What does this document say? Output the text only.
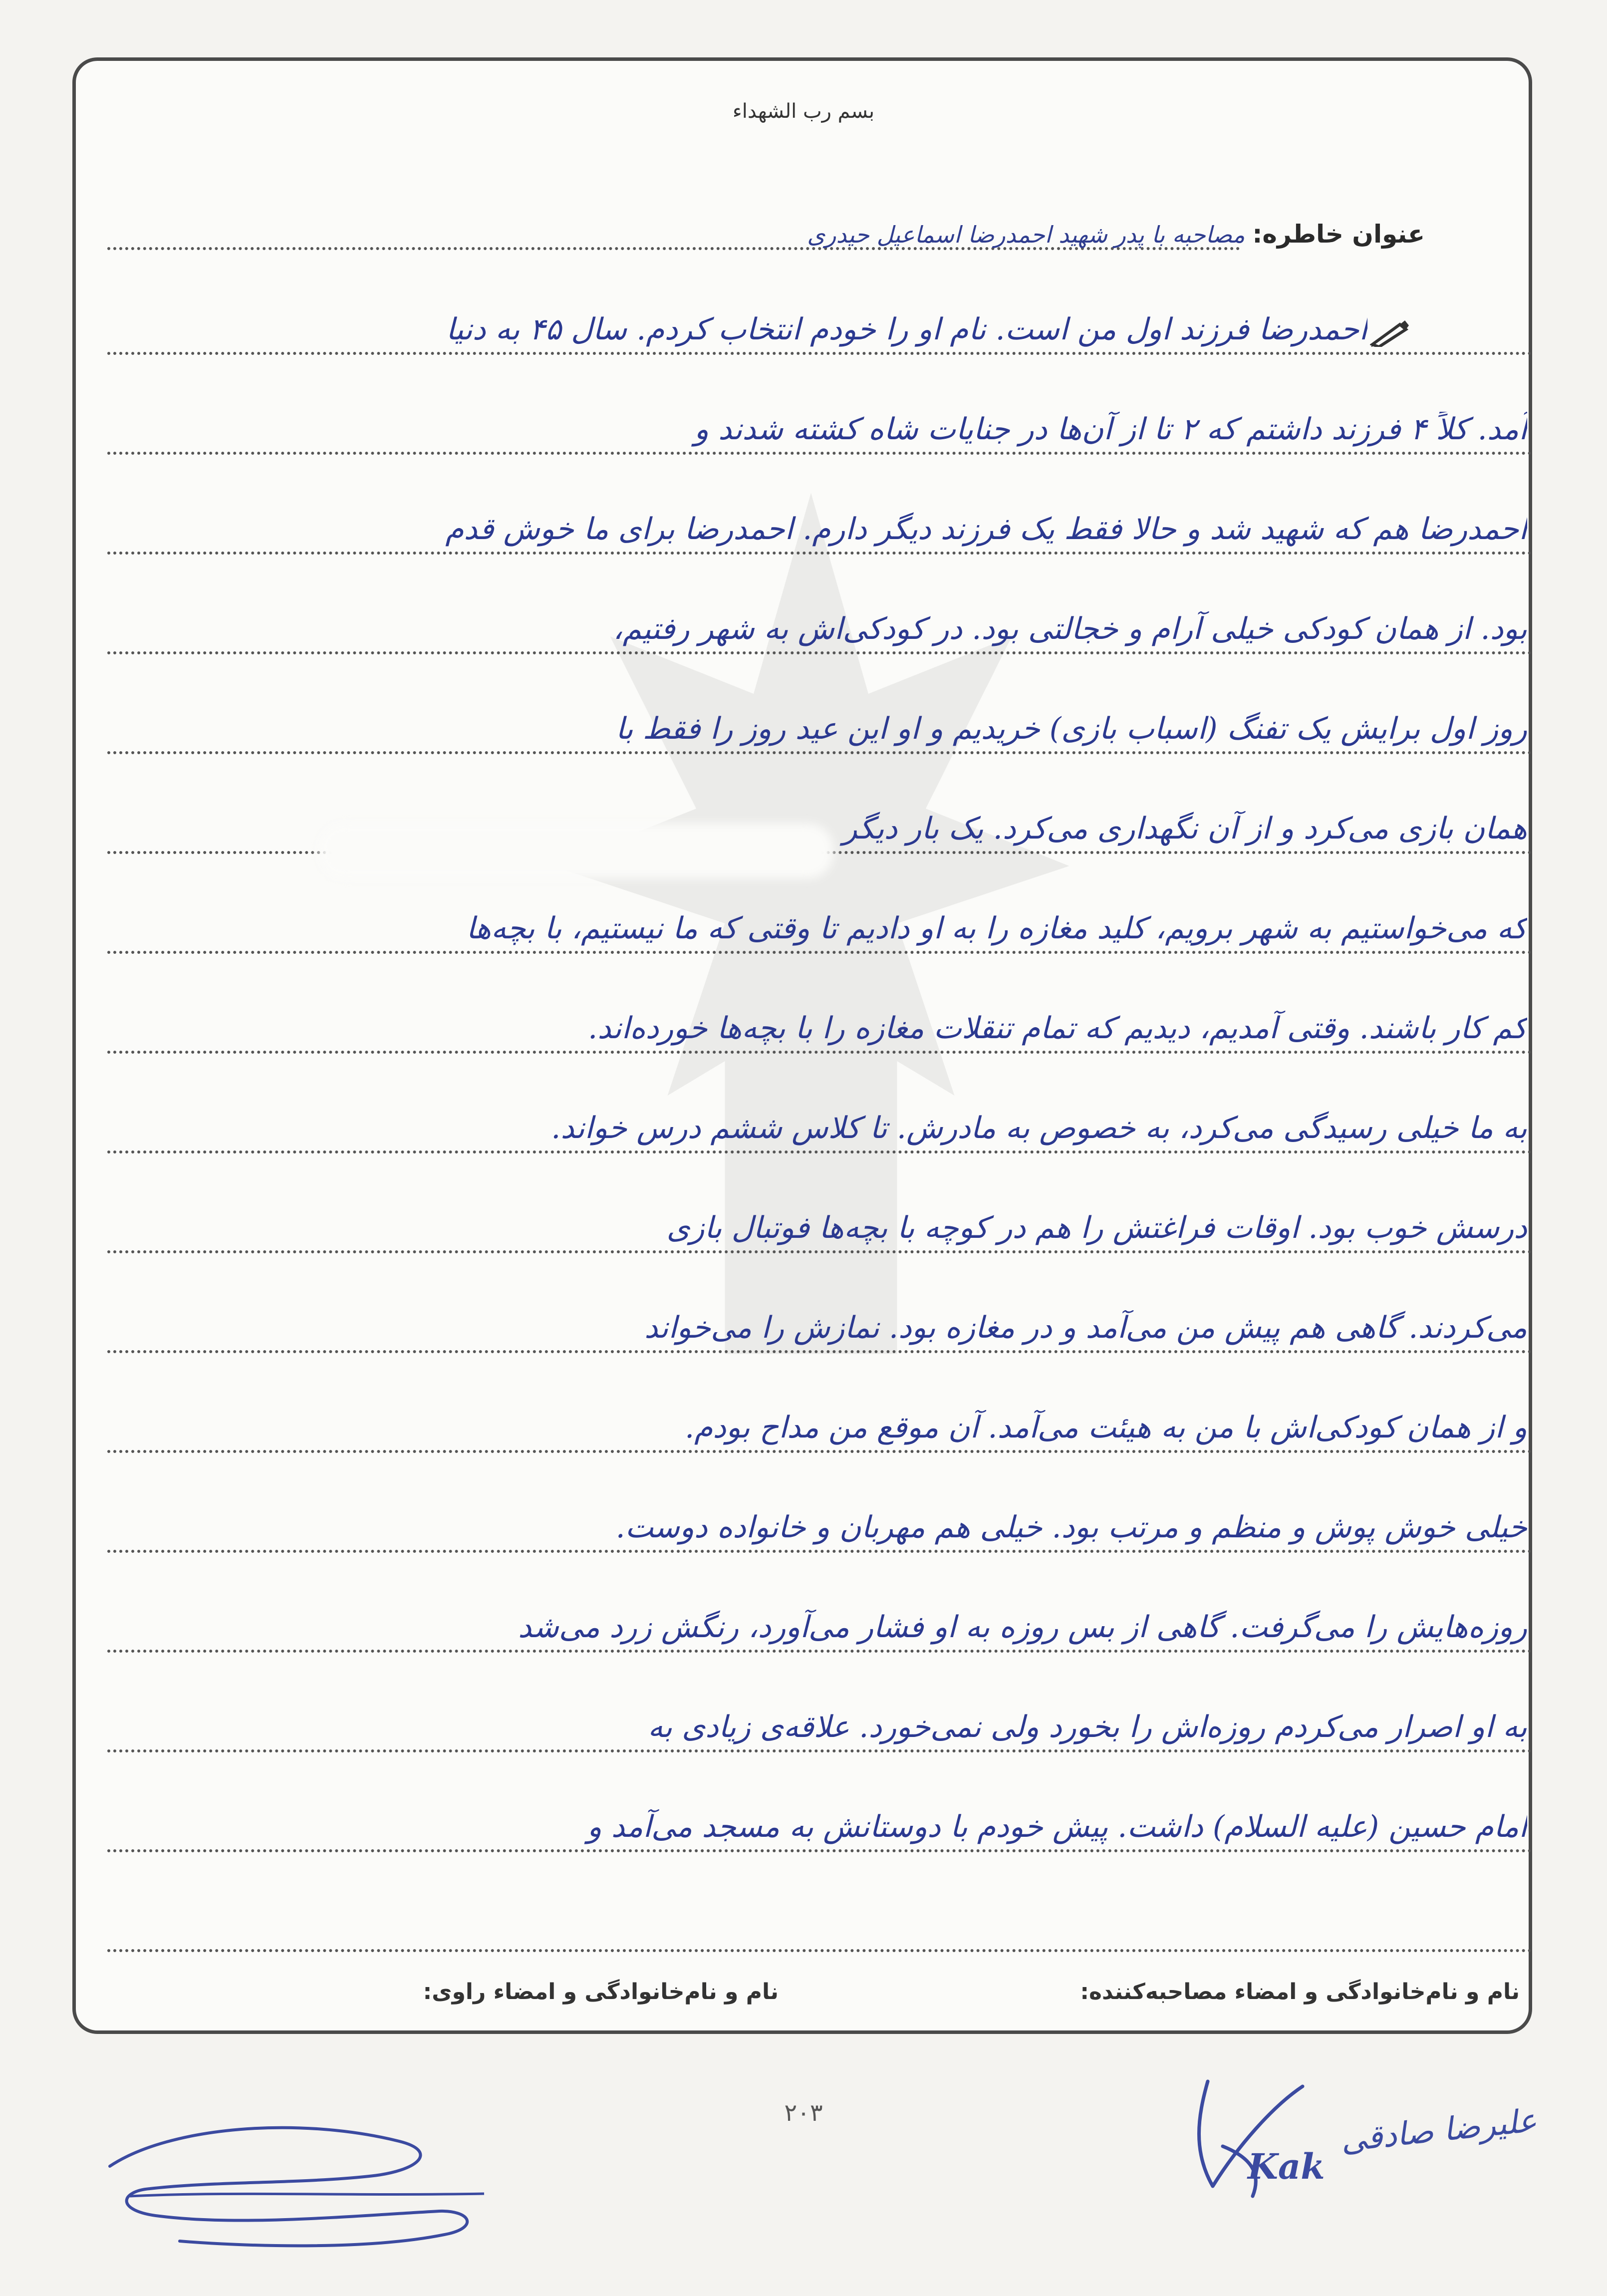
بسم رب الشهداء
عنوان خاطره:
مصاحبه با پدر شهید احمدرضا اسماعیل حیدری
احمدرضا فرزند اول من است. نام او را خودم انتخاب کردم. سال ۴۵ به دنیا
آمد. کلاً ۴ فرزند داشتم که ۲ تا از آن‌ها در جنایات شاه کشته شدند و
احمدرضا هم که شهید شد و حالا فقط یک فرزند دیگر دارم. احمدرضا برای ما خوش قدم
بود. از همان کودکی خیلی آرام و خجالتی بود. در کودکی‌اش به شهر رفتیم،
روز اول برایش یک تفنگ (اسباب بازی) خریدیم و او این عید روز را فقط با
همان بازی می‌کرد و از آن نگهداری می‌کرد. یک بار دیگر
که می‌خواستیم به شهر برویم، کلید مغازه را به او دادیم تا وقتی که ما نیستیم، با بچه‌ها
کم کار باشند. وقتی آمدیم، دیدیم که تمام تنقلات مغازه را با بچه‌ها خورده‌اند.
به ما خیلی رسیدگی می‌کرد، به خصوص به مادرش. تا کلاس ششم درس خواند.
درسش خوب بود. اوقات فراغتش را هم در کوچه با بچه‌ها فوتبال بازی
می‌کردند. گاهی هم پیش من می‌آمد و در مغازه بود. نمازش را می‌خواند
و از همان کودکی‌اش با من به هیئت می‌آمد. آن موقع من مداح بودم.
خیلی خوش پوش و منظم و مرتب بود. خیلی هم مهربان و خانواده دوست.
روزه‌هایش را می‌گرفت. گاهی از بس روزه به او فشار می‌آورد، رنگش زرد می‌شد
به او اصرار می‌کردم روزه‌اش را بخورد ولی نمی‌خورد. علاقه‌ی زیادی به
امام حسین (علیه السلام) داشت. پیش خودم با دوستانش به مسجد می‌آمد و
نام و نام‌خانوادگی و امضاء مصاحبه‌کننده:
نام و نام‌خانوادگی و امضاء راوی:
۲۰۳
Kak
علیرضا صادقی
